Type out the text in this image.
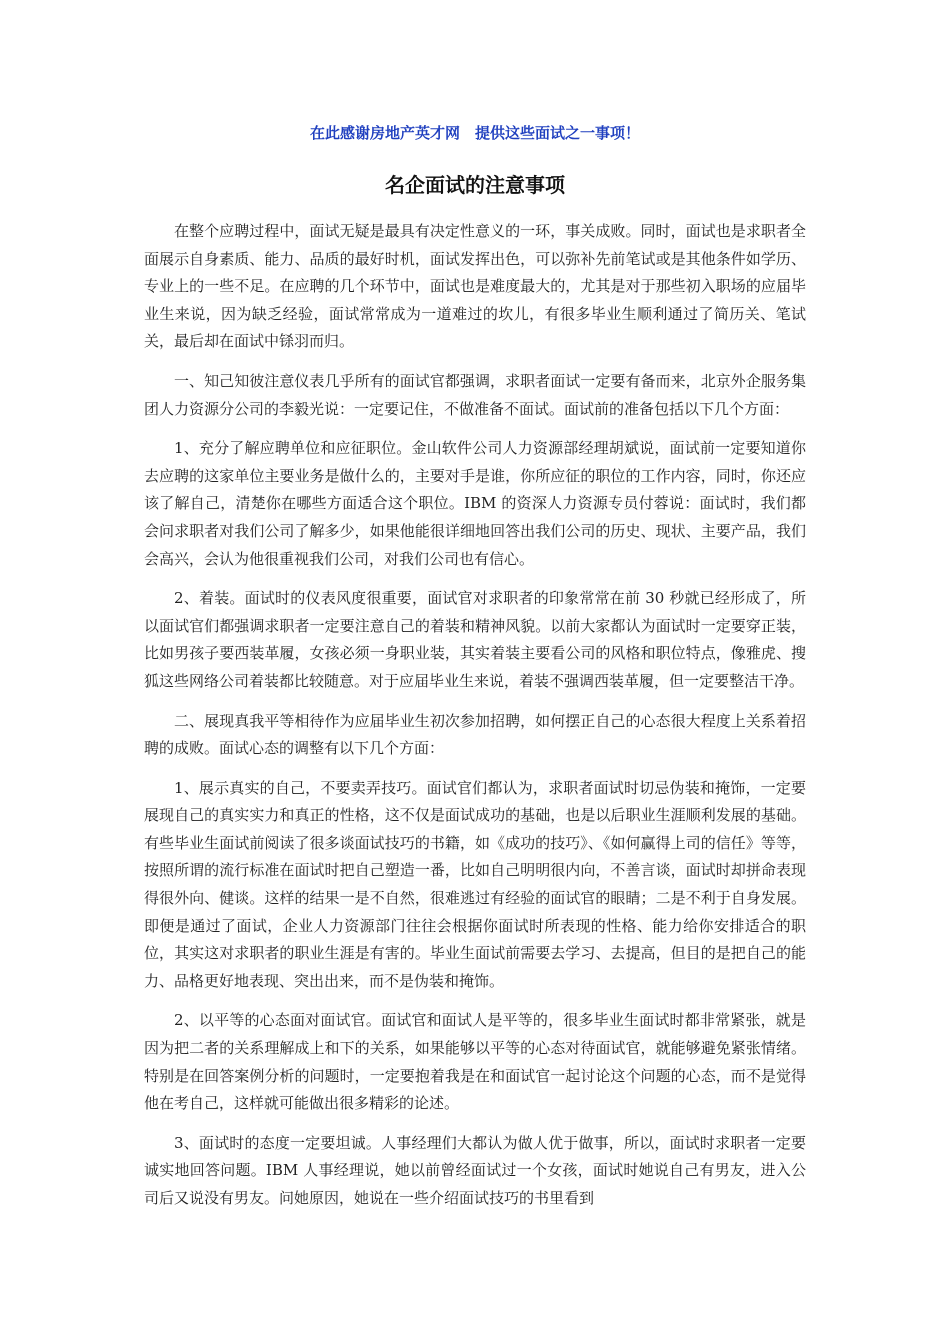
在此感谢房地产英才网　提供这些面试之一事项！
名企面试的注意事项

在整个应聘过程中，面试无疑是最具有决定性意义的一环，事关成败。同时，面试也是求职者全面展示自身素质、能力、品质的最好时机，面试发挥出色，可以弥补先前笔试或是其他条件如学历、专业上的一些不足。在应聘的几个环节中，面试也是难度最大的，尤其是对于那些初入职场的应届毕业生来说，因为缺乏经验，面试常常成为一道难过的坎儿，有很多毕业生顺利通过了简历关、笔试关，最后却在面试中铩羽而归。

一、知己知彼注意仪表几乎所有的面试官都强调，求职者面试一定要有备而来，北京外企服务集团人力资源分公司的李毅光说：一定要记住，不做准备不面试。面试前的准备包括以下几个方面：

1、充分了解应聘单位和应征职位。金山软件公司人力资源部经理胡斌说，面试前一定要知道你去应聘的这家单位主要业务是做什么的，主要对手是谁，你所应征的职位的工作内容，同时，你还应该了解自己，清楚你在哪些方面适合这个职位。IBM 的资深人力资源专员付蓉说：面试时，我们都会问求职者对我们公司了解多少，如果他能很详细地回答出我们公司的历史、现状、主要产品，我们会高兴，会认为他很重视我们公司，对我们公司也有信心。

2、着装。面试时的仪表风度很重要，面试官对求职者的印象常常在前 30 秒就已经形成了，所以面试官们都强调求职者一定要注意自己的着装和精神风貌。以前大家都认为面试时一定要穿正装，比如男孩子要西装革履，女孩必须一身职业装，其实着装主要看公司的风格和职位特点，像雅虎、搜狐这些网络公司着装都比较随意。对于应届毕业生来说，着装不强调西装革履，但一定要整洁干净。

二、展现真我平等相待作为应届毕业生初次参加招聘，如何摆正自己的心态很大程度上关系着招聘的成败。面试心态的调整有以下几个方面：

1、展示真实的自己，不要卖弄技巧。面试官们都认为，求职者面试时切忌伪装和掩饰，一定要展现自己的真实实力和真正的性格，这不仅是面试成功的基础，也是以后职业生涯顺利发展的基础。有些毕业生面试前阅读了很多谈面试技巧的书籍，如《成功的技巧》、《如何赢得上司的信任》等等，按照所谓的流行标准在面试时把自己塑造一番，比如自己明明很内向，不善言谈，面试时却拼命表现得很外向、健谈。这样的结果一是不自然，很难逃过有经验的面试官的眼睛；二是不利于自身发展。即便是通过了面试，企业人力资源部门往往会根据你面试时所表现的性格、能力给你安排适合的职位，其实这对求职者的职业生涯是有害的。毕业生面试前需要去学习、去提高，但目的是把自己的能力、品格更好地表现、突出出来，而不是伪装和掩饰。

2、以平等的心态面对面试官。面试官和面试人是平等的，很多毕业生面试时都非常紧张，就是因为把二者的关系理解成上和下的关系，如果能够以平等的心态对待面试官，就能够避免紧张情绪。特别是在回答案例分析的问题时，一定要抱着我是在和面试官一起讨论这个问题的心态，而不是觉得他在考自己，这样就可能做出很多精彩的论述。

3、面试时的态度一定要坦诚。人事经理们大都认为做人优于做事，所以，面试时求职者一定要诚实地回答问题。IBM 人事经理说，她以前曾经面试过一个女孩，面试时她说自己有男友，进入公司后又说没有男友。问她原因，她说在一些介绍面试技巧的书里看到
